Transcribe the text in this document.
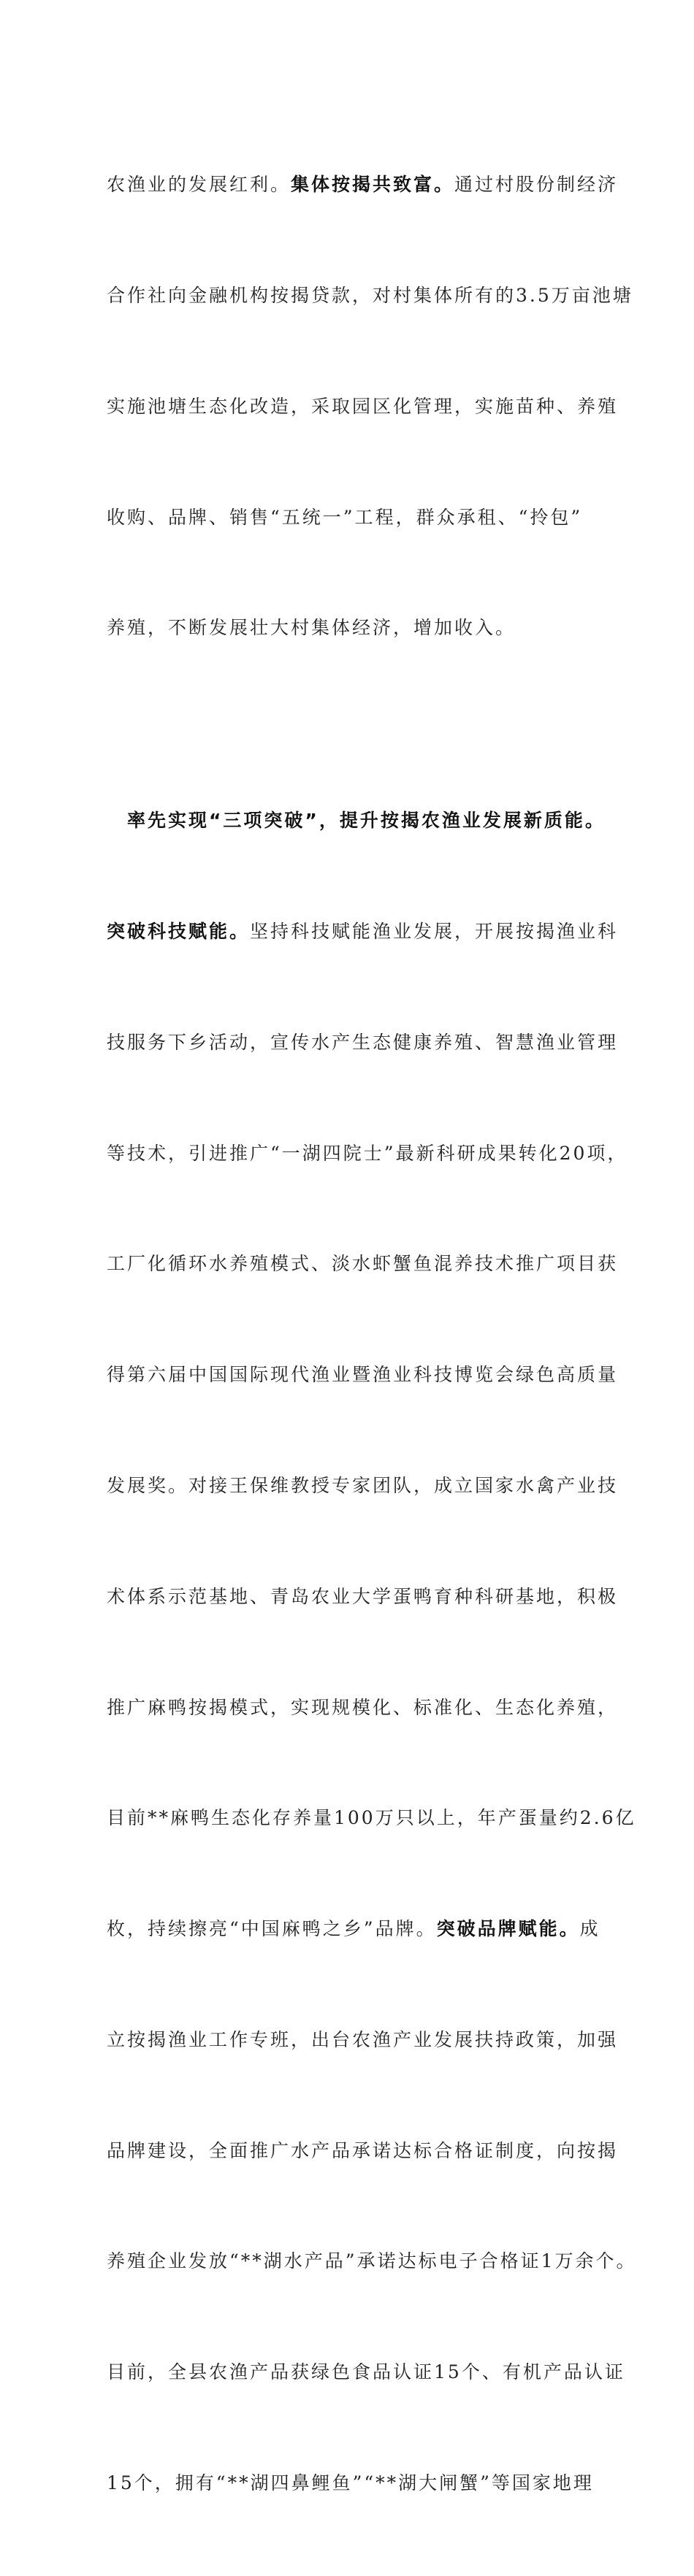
农渔业的发展红利。集体按揭共致富。通过村股份制经济

合作社向金融机构按揭贷款，对村集体所有的3.5万亩池塘

实施池塘生态化改造，采取园区化管理，实施苗种、养殖

收购、品牌、销售“五统一”工程，群众承租、“拎包”

养殖，不断发展壮大村集体经济，增加收入。

　率先实现“三项突破”，提升按揭农渔业发展新质能。

突破科技赋能。坚持科技赋能渔业发展，开展按揭渔业科

技服务下乡活动，宣传水产生态健康养殖、智慧渔业管理

等技术，引进推广“一湖四院士”最新科研成果转化20项，

工厂化循环水养殖模式、淡水虾蟹鱼混养技术推广项目获

得第六届中国国际现代渔业暨渔业科技博览会绿色高质量

发展奖。对接王保维教授专家团队，成立国家水禽产业技

术体系示范基地、青岛农业大学蛋鸭育种科研基地，积极

推广麻鸭按揭模式，实现规模化、标准化、生态化养殖，

目前**麻鸭生态化存养量100万只以上，年产蛋量约2.6亿

枚，持续擦亮“中国麻鸭之乡”品牌。突破品牌赋能。成

立按揭渔业工作专班，出台农渔产业发展扶持政策，加强

品牌建设，全面推广水产品承诺达标合格证制度，向按揭

养殖企业发放“**湖水产品”承诺达标电子合格证1万余个。

目前，全县农渔产品获绿色食品认证15个、有机产品认证

15个，拥有“**湖四鼻鲤鱼”“**湖大闸蟹”等国家地理
